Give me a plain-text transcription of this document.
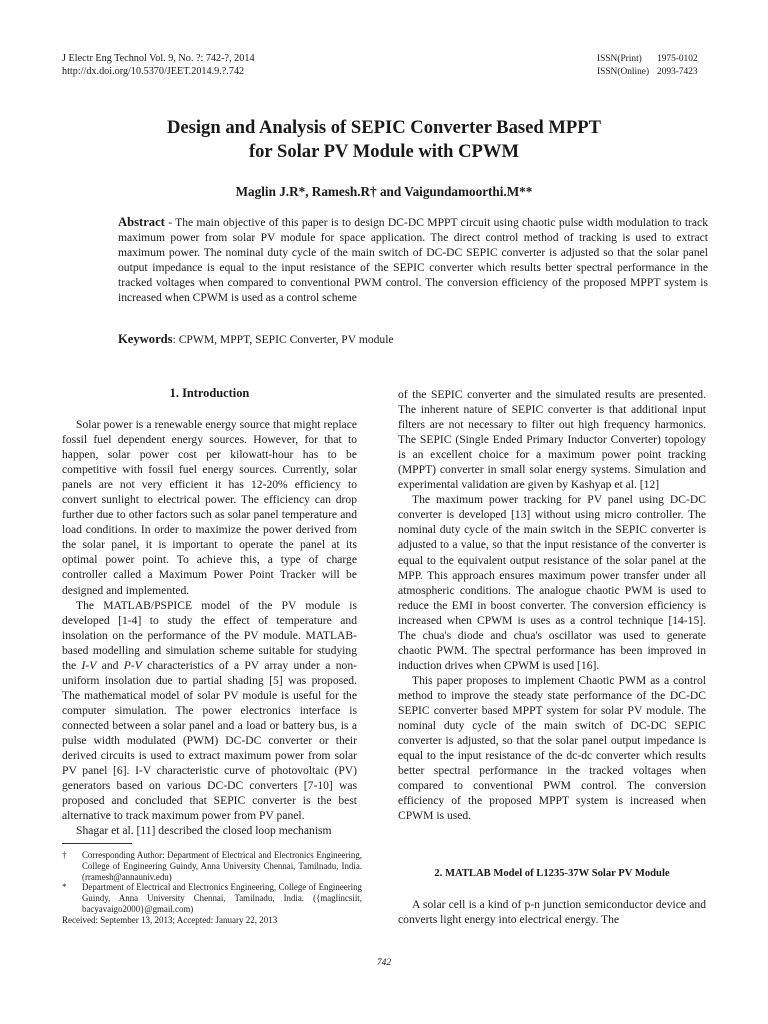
J Electr Eng Technol Vol. 9, No. ?: 742-?, 2014
http://dx.doi.org/10.5370/JEET.2014.9.?.742
ISSN(Print)	1975-0102
ISSN(Online) 2093-7423
Design and Analysis of SEPIC Converter Based MPPT
for Solar PV Module with CPWM
Maglin J.R*, Ramesh.R† and Vaigundamoorthi.M**
Abstract - The main objective of this paper is to design DC-DC MPPT circuit using chaotic pulse width modulation to track maximum power from solar PV module for space application. The direct control method of tracking is used to extract maximum power. The nominal duty cycle of the main switch of DC-DC SEPIC converter is adjusted so that the solar panel output impedance is equal to the input resistance of the SEPIC converter which results better spectral performance in the tracked voltages when compared to conventional PWM control. The conversion efficiency of the proposed MPPT system is increased when CPWM is used as a control scheme
Keywords: CPWM, MPPT, SEPIC Converter, PV module
1. Introduction

Solar power is a renewable energy source that might replace fossil fuel dependent energy sources. However, for that to happen, solar power cost per kilowatt-hour has to be competitive with fossil fuel energy sources. Currently, solar panels are not very efficient it has 12-20% efficiency to convert sunlight to electrical power. The efficiency can drop further due to other factors such as solar panel temperature and load conditions. In order to maximize the power derived from the solar panel, it is important to operate the panel at its optimal power point. To achieve this, a type of charge controller called a Maximum Power Point Tracker will be designed and implemented.

The MATLAB/PSPICE model of the PV module is developed [1-4] to study the effect of temperature and insolation on the performance of the PV module. MATLAB-based modelling and simulation scheme suitable for studying the I-V and P-V characteristics of a PV array under a non-uniform insolation due to partial shading [5] was proposed. The mathematical model of solar PV module is useful for the computer simulation. The power electronics interface is connected between a solar panel and a load or battery bus, is a pulse width modulated (PWM) DC-DC converter or their derived circuits is used to extract maximum power from solar PV panel [6]. I-V characteristic curve of photovoltaic (PV) generators based on various DC-DC converters [7-10] was proposed and concluded that SEPIC converter is the best alternative to track maximum power from PV panel.

Shagar et al. [11] described the closed loop mechanism

† Corresponding Author: Department of Electrical and Electronics Engineering, College of Engineering Guindy, Anna University Chennai, Tamilnadu, India. (rramesh@annauniv.edu)
* Department of Electrical and Electronics Engineering, College of Engineering Guindy, Anna University Chennai, Tamilnadu, India. ({maglincsiit, bacyavaigo2000}@gmail.com)
Received: September 13, 2013; Accepted: January 22, 2013

of the SEPIC converter and the simulated results are presented. The inherent nature of SEPIC converter is that additional input filters are not necessary to filter out high frequency harmonics. The SEPIC (Single Ended Primary Inductor Converter) topology is an excellent choice for a maximum power point tracking (MPPT) converter in small solar energy systems. Simulation and experimental validation are given by Kashyap et al. [12]

The maximum power tracking for PV panel using DC-DC converter is developed [13] without using micro controller. The nominal duty cycle of the main switch in the SEPIC converter is adjusted to a value, so that the input resistance of the converter is equal to the equivalent output resistance of the solar panel at the MPP. This approach ensures maximum power transfer under all atmospheric conditions. The analogue chaotic PWM is used to reduce the EMI in boost converter. The conversion efficiency is increased when CPWM is uses as a control technique [14-15]. The chua's diode and chua's oscillator was used to generate chaotic PWM. The spectral performance has been improved in induction drives when CPWM is used [16].

This paper proposes to implement Chaotic PWM as a control method to improve the steady state performance of the DC-DC SEPIC converter based MPPT system for solar PV module. The nominal duty cycle of the main switch of DC-DC SEPIC converter is adjusted, so that the solar panel output impedance is equal to the input resistance of the dc-dc converter which results better spectral performance in the tracked voltages when compared to conventional PWM control. The conversion efficiency of the proposed MPPT system is increased when CPWM is used.

2. MATLAB Model of L1235-37W Solar PV Module

A solar cell is a kind of p-n junction semiconductor device and converts light energy into electrical energy. The

742
